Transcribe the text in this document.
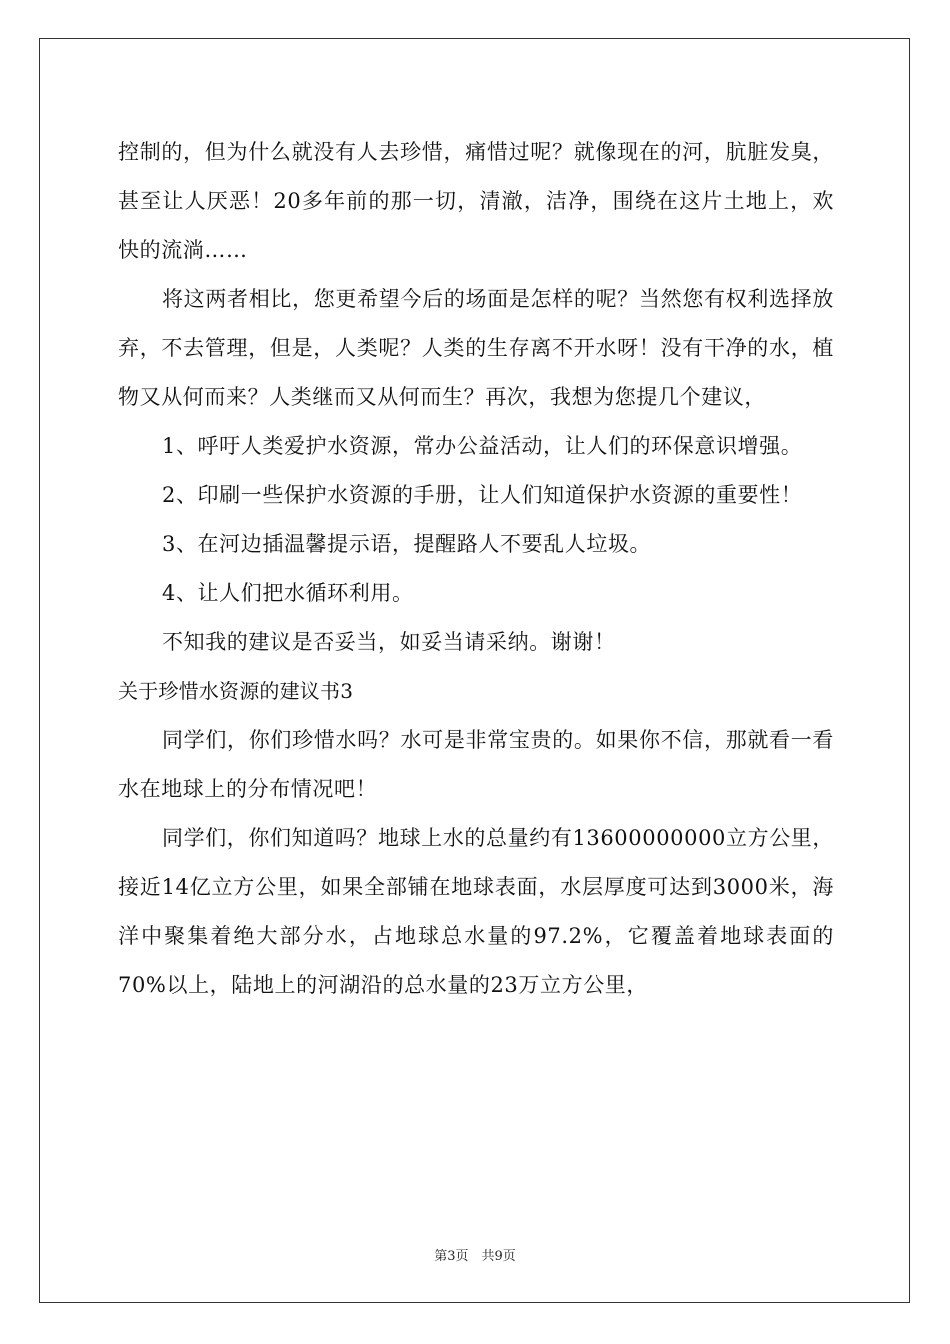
控制的，但为什么就没有人去珍惜，痛惜过呢？就像现在的河，肮脏发臭，甚至让人厌恶！20多年前的那一切，清澈，洁净，围绕在这片土地上，欢快的流淌……

将这两者相比，您更希望今后的场面是怎样的呢？当然您有权利选择放弃，不去管理，但是，人类呢？人类的生存离不开水呀！没有干净的水，植物又从何而来？人类继而又从何而生？再次，我想为您提几个建议，

1、呼吁人类爱护水资源，常办公益活动，让人们的环保意识增强。

2、印刷一些保护水资源的手册，让人们知道保护水资源的重要性！

3、在河边插温馨提示语，提醒路人不要乱人垃圾。

4、让人们把水循环利用。

不知我的建议是否妥当，如妥当请采纳。谢谢！

关于珍惜水资源的建议书3

同学们，你们珍惜水吗？水可是非常宝贵的。如果你不信，那就看一看水在地球上的分布情况吧！

同学们，你们知道吗？地球上水的总量约有13600000000立方公里，接近14亿立方公里，如果全部铺在地球表面，水层厚度可达到3000米，海洋中聚集着绝大部分水，占地球总水量的97.2%，它覆盖着地球表面的70%以上，陆地上的河湖沿的总水量的23万立方公里，

第3页　共9页
